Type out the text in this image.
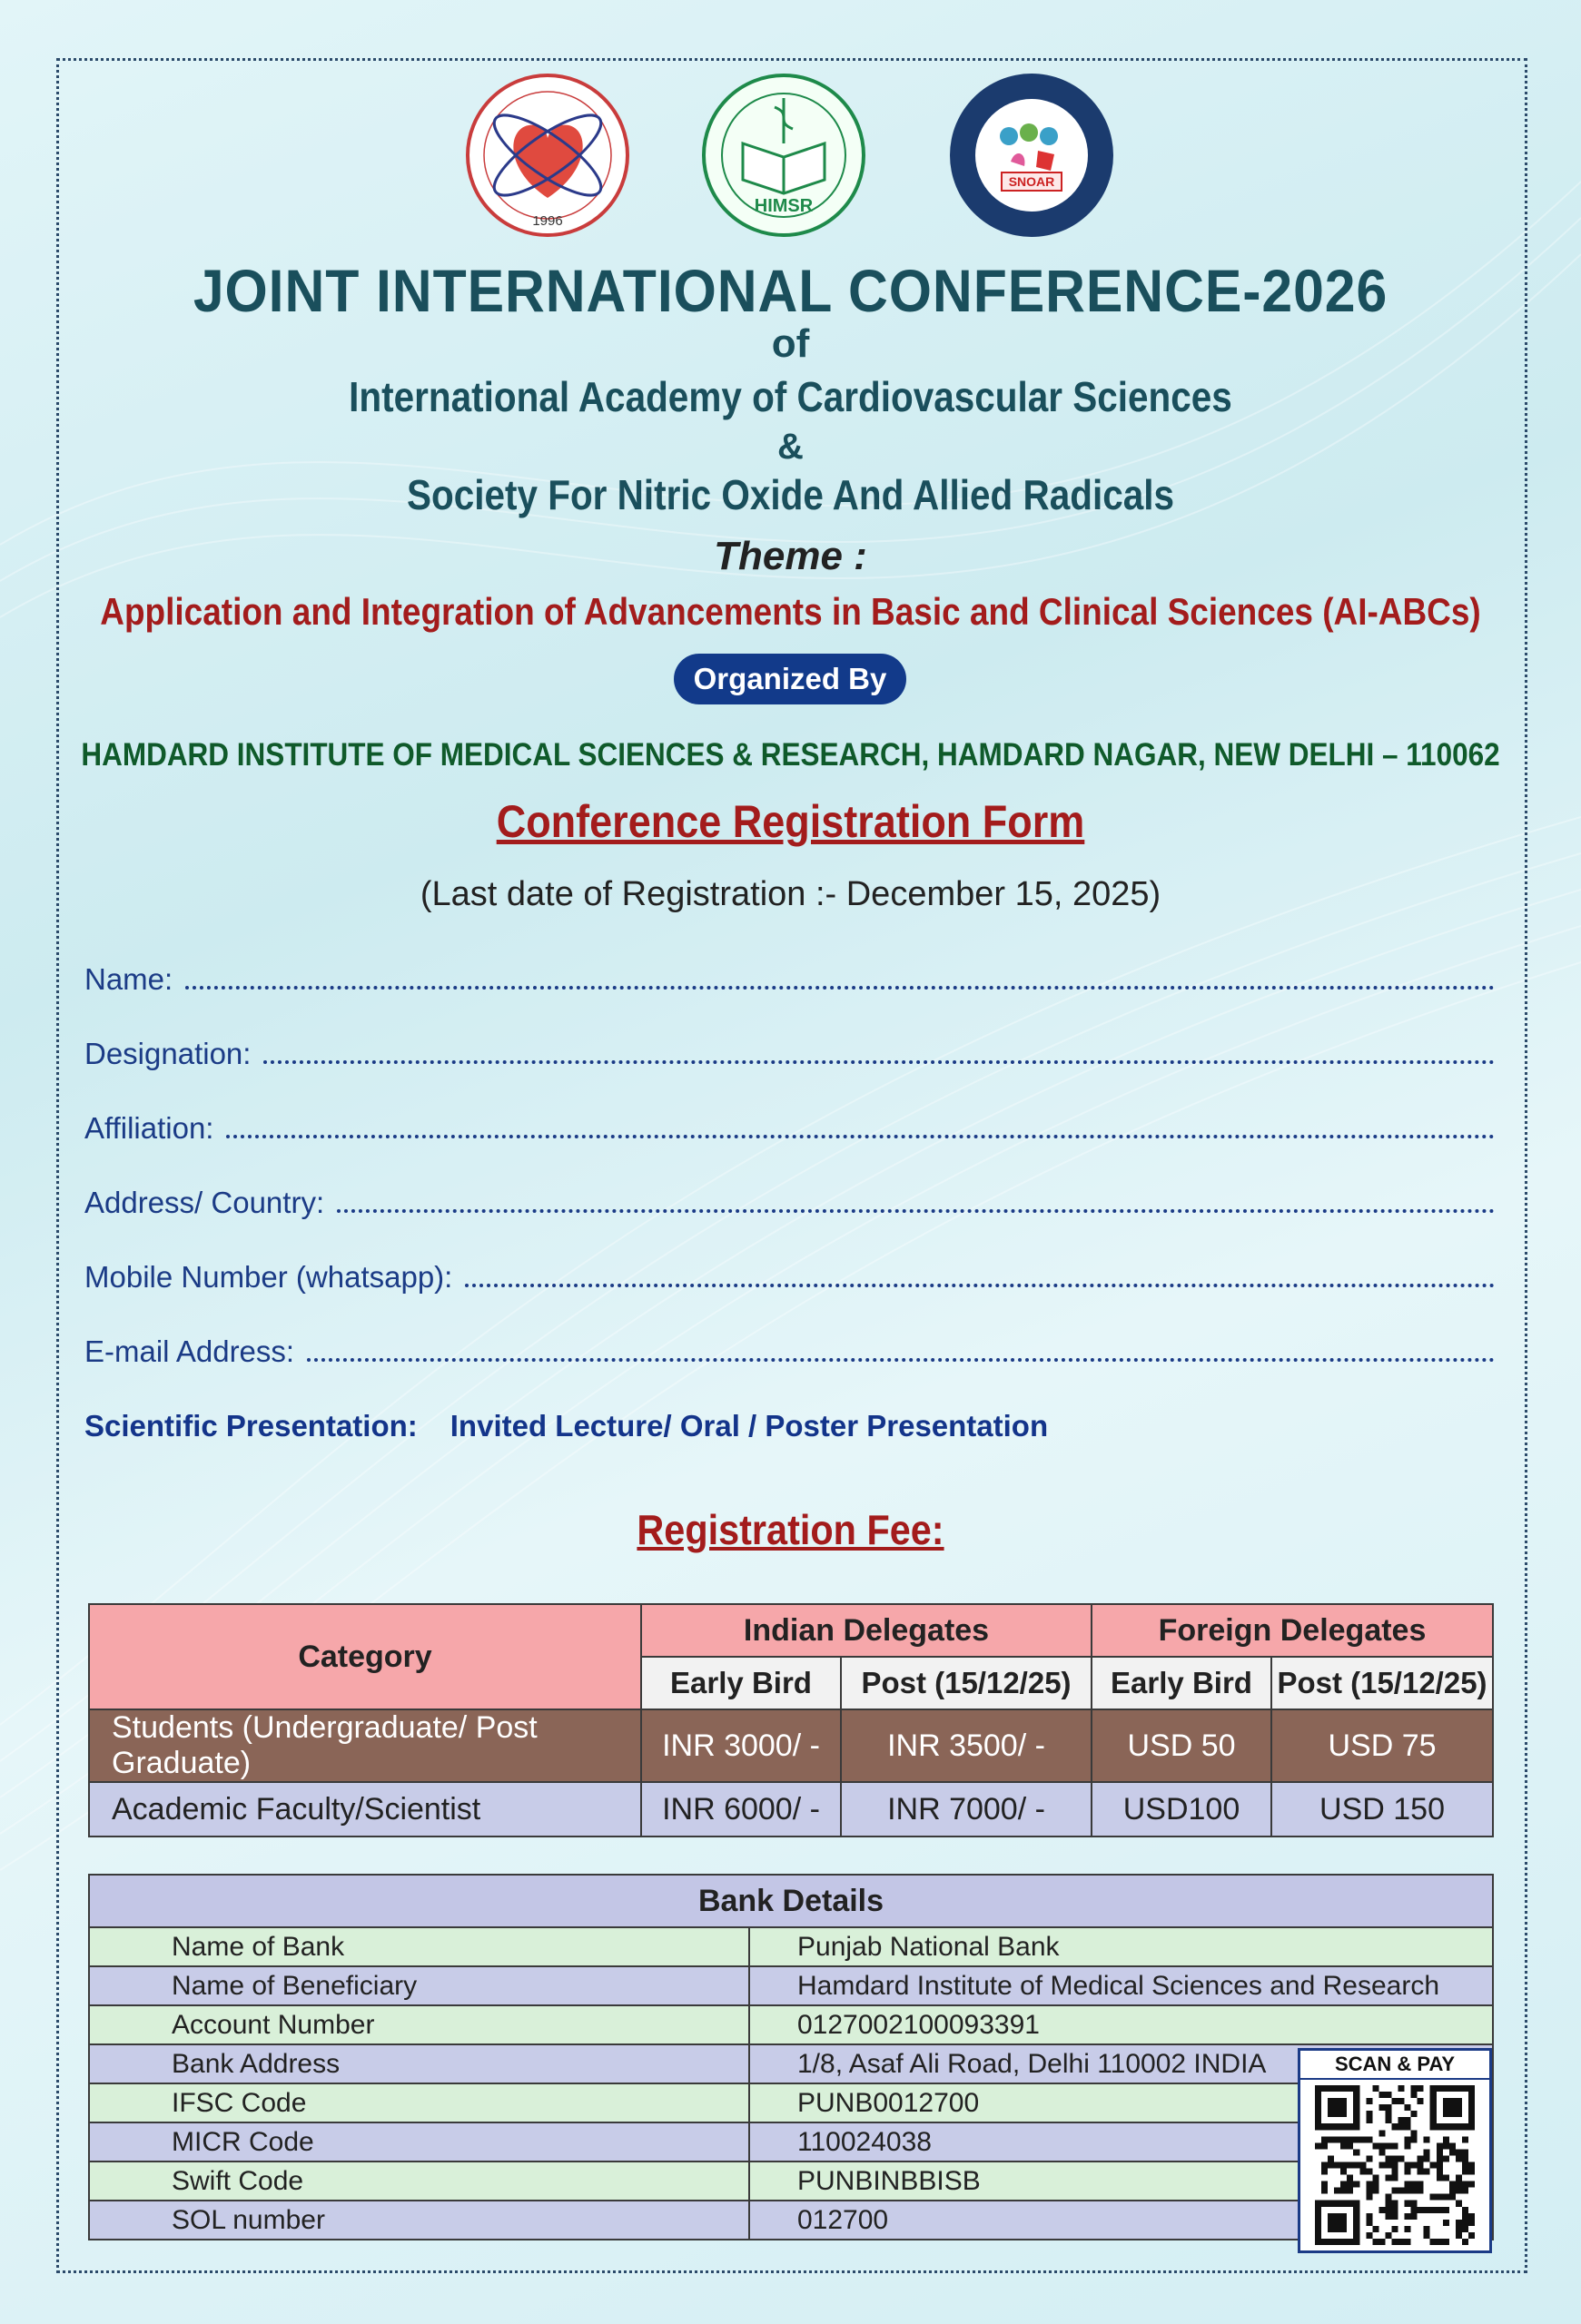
1996
HIMSR
SNOAR
JOINT INTERNATIONAL CONFERENCE-2026
of
International Academy of Cardiovascular Sciences
&
Society For Nitric Oxide And Allied Radicals
Theme :
Application and Integration of Advancements in Basic and Clinical Sciences (AI-ABCs)
Organized By
HAMDARD INSTITUTE OF MEDICAL SCIENCES & RESEARCH, HAMDARD NAGAR, NEW DELHI – 110062
Conference Registration Form
(Last date of Registration :- December 15, 2025)
Name:
Designation:
Affiliation:
Address/ Country:
Mobile Number (whatsapp):
E-mail Address:
Scientific Presentation: Invited Lecture/ Oral / Poster Presentation
Registration Fee:
Category	Indian Delegates		Foreign Delegates	
	Early Bird	Post (15/12/25)	Early Bird	Post (15/12/25)
Students (Undergraduate/ Post Graduate)	INR 3000/ -	INR 3500/ -	USD 50	USD 75
Academic Faculty/Scientist	INR 6000/ -	INR 7000/ -	USD100	USD 150
Bank Details	
Name of Bank	Punjab National Bank
Name of Beneficiary	Hamdard Institute of Medical Sciences and Research
Account Number	0127002100093391
Bank Address	1/8, Asaf Ali Road, Delhi 110002 INDIA
IFSC Code	PUNB0012700
MICR Code	110024038
Swift Code	PUNBINBBISB
SOL number	012700
SCAN & PAY
